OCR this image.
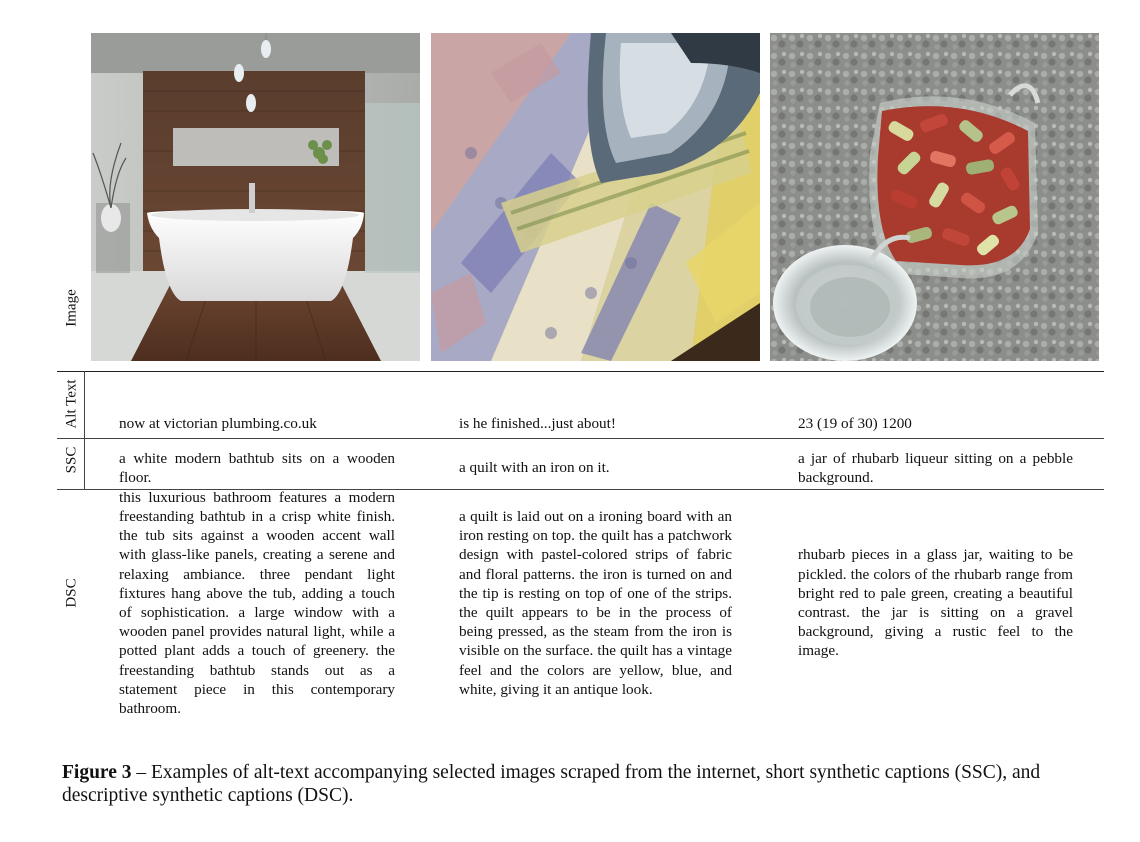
Image
Alt Text
SSC
DSC
now at victorian plumbing.co.uk	is he finished...just about!	23 (19 of 30) 1200
a white modern bathtub sits on a wooden floor.
a quilt with an iron on it.
a jar of rhubarb liqueur sitting on a pebble background.
this luxurious bathroom features a modern freestanding bathtub in a crisp white finish. the tub sits against a wooden accent wall with glass-like panels, creating a serene and relaxing ambiance. three pendant light fixtures hang above the tub, adding a touch of sophistication. a large window with a wooden panel provides natural light, while a potted plant adds a touch of greenery. the freestanding bathtub stands out as a statement piece in this contemporary bathroom.
a quilt is laid out on a ironing board with an iron resting on top. the quilt has a patchwork design with pastel-colored strips of fabric and floral patterns. the iron is turned on and the tip is resting on top of one of the strips. the quilt appears to be in the process of being pressed, as the steam from the iron is visible on the surface. the quilt has a vintage feel and the colors are yellow, blue, and white, giving it an antique look.
rhubarb pieces in a glass jar, waiting to be pickled. the colors of the rhubarb range from bright red to pale green, creating a beautiful contrast. the jar is sitting on a gravel background, giving a rustic feel to the image.
Figure 3 – Examples of alt-text accompanying selected images scraped from the internet, short synthetic captions (SSC), and descriptive synthetic captions (DSC).
